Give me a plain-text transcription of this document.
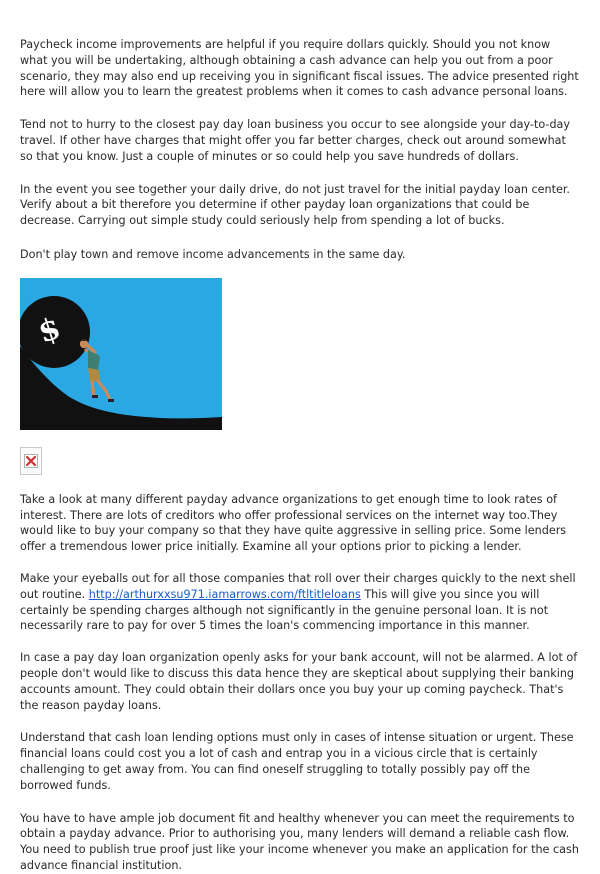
Paycheck income improvements are helpful if you require dollars quickly. Should you not know what you will be undertaking, although obtaining a cash advance can help you out from a poor scenario, they may also end up receiving you in significant fiscal issues. The advice presented right here will allow you to learn the greatest problems when it comes to cash advance personal loans.

Tend not to hurry to the closest pay day loan business you occur to see alongside your day-to-day travel. If other have charges that might offer you far better charges, check out around somewhat so that you know. Just a couple of minutes or so could help you save hundreds of dollars.

In the event you see together your daily drive, do not just travel for the initial payday loan center. Verify about a bit therefore you determine if other payday loan organizations that could be decrease. Carrying out simple study could seriously help from spending a lot of bucks.

Don't play town and remove income advancements in the same day.

$

Take a look at many different payday advance organizations to get enough time to look rates of interest. There are lots of creditors who offer professional services on the internet way too.They would like to buy your company so that they have quite aggressive in selling price. Some lenders offer a tremendous lower price initially. Examine all your options prior to picking a lender.

Make your eyeballs out for all those companies that roll over their charges quickly to the next shell out routine. http://arthurxxsu971.iamarrows.com/ftltitleloans This will give you since you will certainly be spending charges although not significantly in the genuine personal loan. It is not necessarily rare to pay for over 5 times the loan's commencing importance in this manner.

In case a pay day loan organization openly asks for your bank account, will not be alarmed. A lot of people don't would like to discuss this data hence they are skeptical about supplying their banking accounts amount. They could obtain their dollars once you buy your up coming paycheck. That's the reason payday loans.

Understand that cash loan lending options must only in cases of intense situation or urgent. These financial loans could cost you a lot of cash and entrap you in a vicious circle that is certainly challenging to get away from. You can find oneself struggling to totally possibly pay off the borrowed funds.

You have to have ample job document fit and healthy whenever you can meet the requirements to obtain a payday advance. Prior to authorising you, many lenders will demand a reliable cash flow. You need to publish true proof just like your income whenever you make an application for the cash advance financial institution.
